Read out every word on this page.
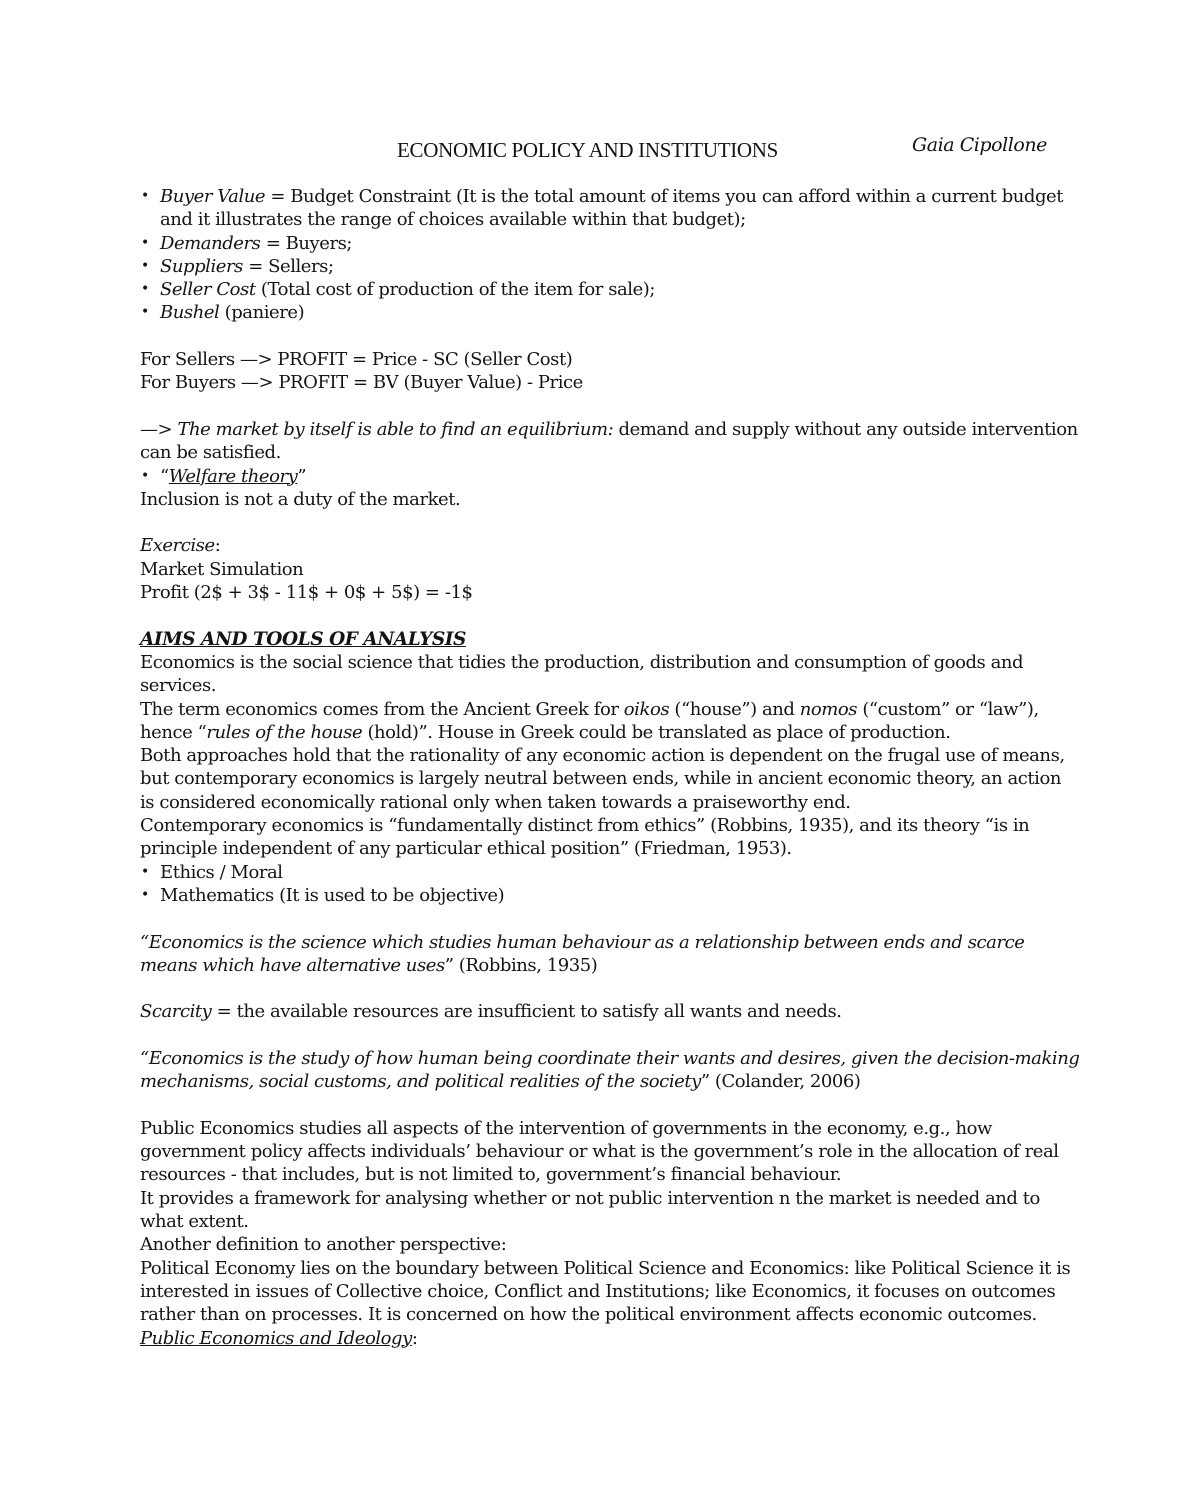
ECONOMIC POLICY AND INSTITUTIONS	Gaia Cipollone
• Buyer Value = Budget Constraint (It is the total amount of items you can afford within a current budget and it illustrates the range of choices available within that budget);
• Demanders = Buyers;
• Suppliers = Sellers;
• Seller Cost (Total cost of production of the item for sale);
• Bushel (paniere)

For Sellers —> PROFIT = Price - SC (Seller Cost)

For Buyers —> PROFIT = BV (Buyer Value) - Price

—> The market by itself is able to find an equilibrium: demand and supply without any outside intervention can be satisfied.

• “Welfare theory”

Inclusion is not a duty of the market.

Exercise:

Market Simulation

Profit (2$ + 3$ - 11$ + 0$ + 5$) = -1$

AIMS AND TOOLS OF ANALYSIS

Economics is the social science that tidies the production, distribution and consumption of goods and services.

The term economics comes from the Ancient Greek for oikos (“house”) and nomos (“custom” or “law”), hence “rules of the house (hold)”. House in Greek could be translated as place of production.

Both approaches hold that the rationality of any economic action is dependent on the frugal use of means, but contemporary economics is largely neutral between ends, while in ancient economic theory, an action is considered economically rational only when taken towards a praiseworthy end.

Contemporary economics is “fundamentally distinct from ethics” (Robbins, 1935), and its theory “is in principle independent of any particular ethical position” (Friedman, 1953).

• Ethics / Moral
• Mathematics (It is used to be objective)

“Economics is the science which studies human behaviour as a relationship between ends and scarce means which have alternative uses” (Robbins, 1935)

Scarcity = the available resources are insufficient to satisfy all wants and needs.

“Economics is the study of how human being coordinate their wants and desires, given the decision-making mechanisms, social customs, and political realities of the society” (Colander, 2006)

Public Economics studies all aspects of the intervention of governments in the economy, e.g., how government policy affects individuals’ behaviour or what is the government’s role in the allocation of real resources - that includes, but is not limited to, government’s financial behaviour.

It provides a framework for analysing whether or not public intervention n the market is needed and to what extent.

Another definition to another perspective:

Political Economy lies on the boundary between Political Science and Economics: like Political Science it is interested in issues of Collective choice, Conflict and Institutions; like Economics, it focuses on outcomes rather than on processes. It is concerned on how the political environment affects economic outcomes.

Public Economics and Ideology:
